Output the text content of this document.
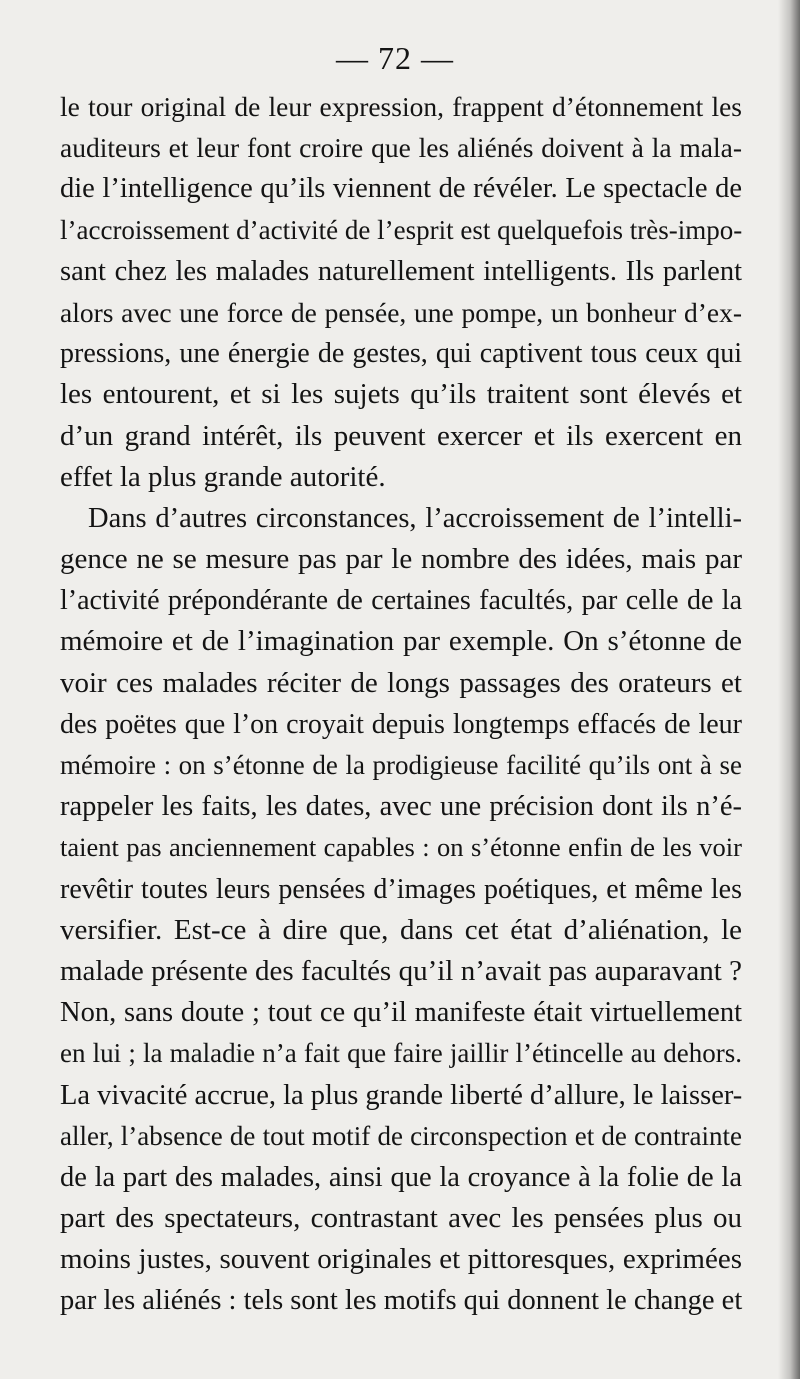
— 72 —
le tour original de leur expression, frappent d’étonnement les
auditeurs et leur font croire que les aliénés doivent à la mala-
die l’intelligence qu’ils viennent de révéler. Le spectacle de
l’accroissement d’activité de l’esprit est quelquefois très-impo-
sant chez les malades naturellement intelligents. Ils parlent
alors avec une force de pensée, une pompe, un bonheur d’ex-
pressions, une énergie de gestes, qui captivent tous ceux qui
les entourent, et si les sujets qu’ils traitent sont élevés et
d’un grand intérêt, ils peuvent exercer et ils exercent en
effet la plus grande autorité.
Dans d’autres circonstances, l’accroissement de l’intelli-
gence ne se mesure pas par le nombre des idées, mais par
l’activité prépondérante de certaines facultés, par celle de la
mémoire et de l’imagination par exemple. On s’étonne de
voir ces malades réciter de longs passages des orateurs et
des poëtes que l’on croyait depuis longtemps effacés de leur
mémoire : on s’étonne de la prodigieuse facilité qu’ils ont à se
rappeler les faits, les dates, avec une précision dont ils n’é-
taient pas anciennement capables : on s’étonne enfin de les voir
revêtir toutes leurs pensées d’images poétiques, et même les
versifier. Est-ce à dire que, dans cet état d’aliénation, le
malade présente des facultés qu’il n’avait pas auparavant ?
Non, sans doute ; tout ce qu’il manifeste était virtuellement
en lui ; la maladie n’a fait que faire jaillir l’étincelle au dehors.
La vivacité accrue, la plus grande liberté d’allure, le laisser-
aller, l’absence de tout motif de circonspection et de contrainte
de la part des malades, ainsi que la croyance à la folie de la
part des spectateurs, contrastant avec les pensées plus ou
moins justes, souvent originales et pittoresques, exprimées
par les aliénés : tels sont les motifs qui donnent le change et
